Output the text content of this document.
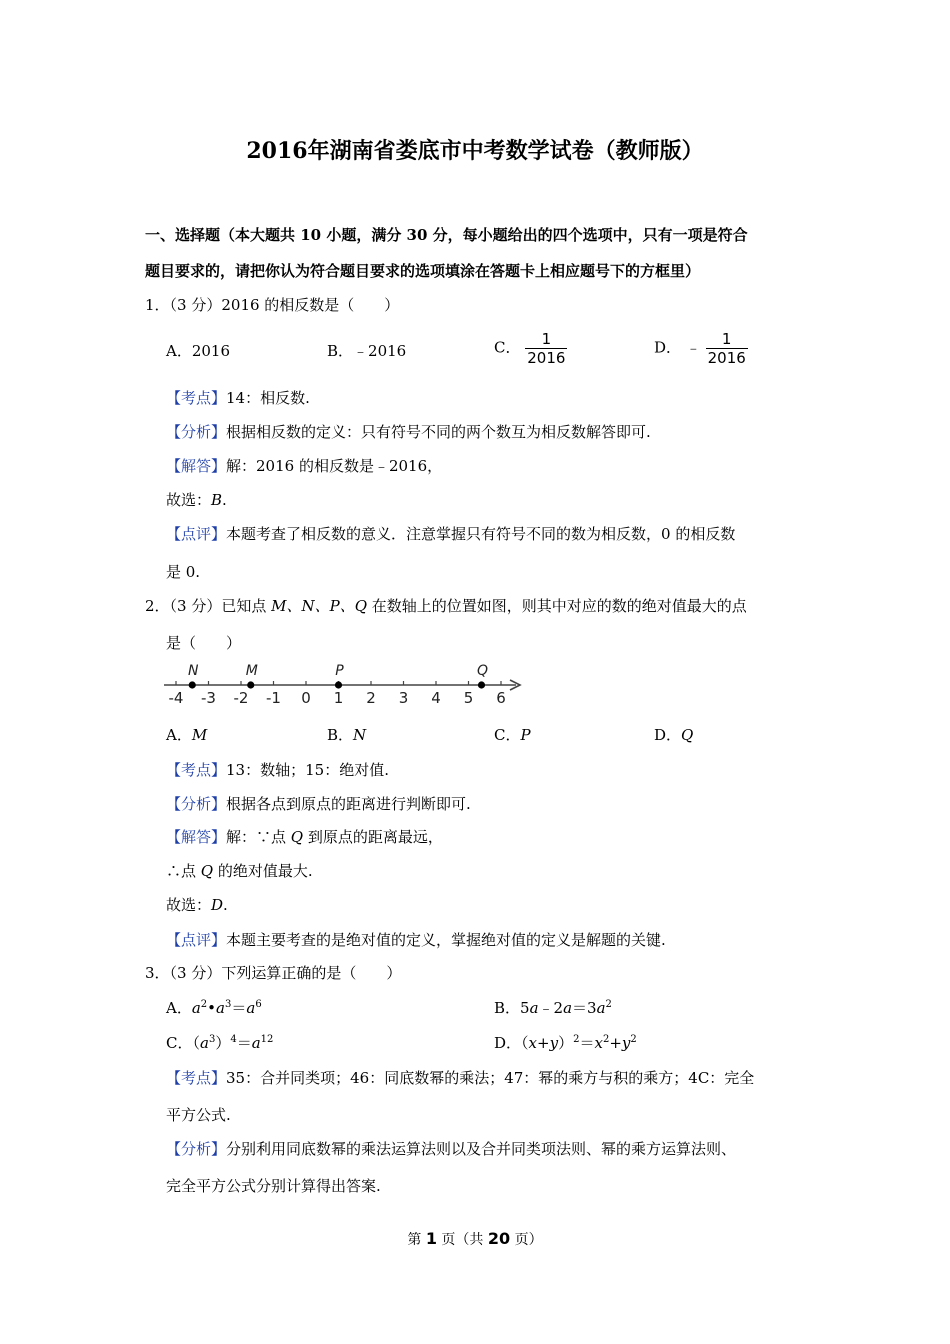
2016年湖南省娄底市中考数学试卷（教师版）
一、选择题（本大题共 10 小题，满分 30 分，每小题给出的四个选项中，只有一项是符合
题目要求的，请把你认为符合题目要求的选项填涂在答题卡上相应题号下的方框里）
1．（3 分）2016 的相反数是（　　）
A．2016	B．﹣2016	C． $\frac{1}{2016}$	D． ﹣ $\frac{1}{2016}$
【考点】14：相反数.
【分析】根据相反数的定义：只有符号不同的两个数互为相反数解答即可.
【解答】解：2016 的相反数是﹣2016，
故选：B.
【点评】本题考查了相反数的意义．注意掌握只有符号不同的数为相反数，0 的相反数
是 0.
2．（3 分）已知点 M、N、P、Q 在数轴上的位置如图，则其中对应的数的绝对值最大的点
是（　　）
-4 -3 -2 -1 0 1 2 3 4 5 6
N	M	P	Q
A．M	B．N	C．P	D．Q
【考点】13：数轴；15：绝对值.
【分析】根据各点到原点的距离进行判断即可.
【解答】解：∵点 Q 到原点的距离最远，
∴点 Q 的绝对值最大.
故选：D.
【点评】本题主要考查的是绝对值的定义，掌握绝对值的定义是解题的关键.
3．（3 分）下列运算正确的是（　　）
A．$a^2•a^3=a^6$	B．$5a﹣2a=3a^2$
C．$(a^3)^4=a^{12}$	D．$(x+y)^2=x^2+y^2$
【考点】35：合并同类项；46：同底数幂的乘法；47：幂的乘方与积的乘方；4C：完全
平方公式.
【分析】分别利用同底数幂的乘法运算法则以及合并同类项法则、幂的乘方运算法则、
完全平方公式分别计算得出答案.
第 1 页（共 20 页）
